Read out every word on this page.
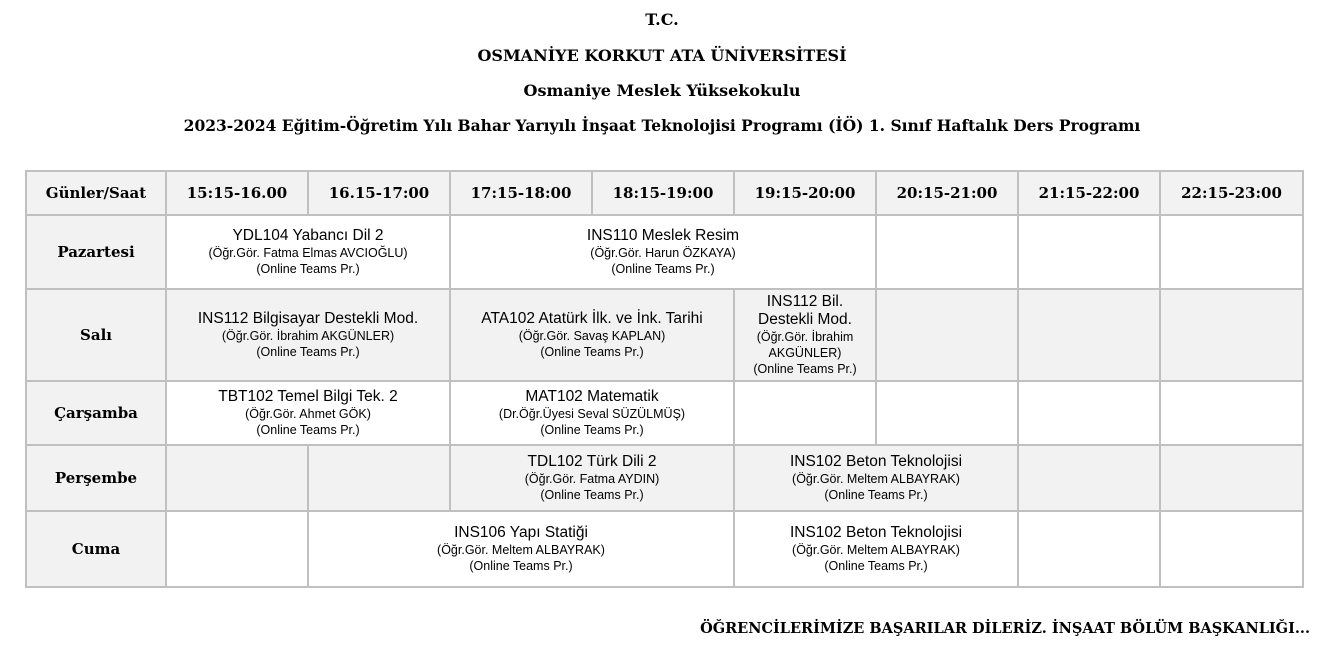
T.C.
OSMANİYE KORKUT ATA ÜNİVERSİTESİ
Osmaniye Meslek Yüksekokulu
2023-2024 Eğitim-Öğretim Yılı Bahar Yarıyılı İnşaat Teknolojisi Programı (İÖ) 1. Sınıf Haftalık Ders Programı
Günler/Saat	15:15-16.00	16.15-17:00	17:15-18:00	18:15-19:00	19:15-20:00	20:15-21:00	21:15-22:00	22:15-23:00
Pazartesi	YDL104 Yabancı Dil 2
(Öğr.Gör. Fatma Elmas AVCIOĞLU)
(Online Teams Pr.)		INS110 Meslek Resim
(Öğr.Gör. Harun ÖZKAYA)
(Online Teams Pr.)					

Salı	INS112 Bilgisayar Destekli Mod.
(Öğr.Gör. İbrahim AKGÜNLER)
(Online Teams Pr.)		ATA102 Atatürk İlk. ve İnk. Tarihi
(Öğr.Gör. Savaş KAPLAN)
(Online Teams Pr.)		INS112 Bil.
Destekli Mod.
(Öğr.Gör. İbrahim
AKGÜNLER)
(Online Teams Pr.)			

Çarşamba	TBT102 Temel Bilgi Tek. 2
(Öğr.Gör. Ahmet GÖK)
(Online Teams Pr.)		MAT102 Matematik
(Dr.Öğr.Üyesi Seval SÜZÜLMÜŞ)
(Online Teams Pr.)					

Perşembe			TDL102 Türk Dili 2
(Öğr.Gör. Fatma AYDIN)
(Online Teams Pr.)		INS102 Beton Teknolojisi
(Öğr.Gör. Meltem ALBAYRAK)
(Online Teams Pr.)			

Cuma		INS106 Yapı Statiği
(Öğr.Gör. Meltem ALBAYRAK)
(Online Teams Pr.)			INS102 Beton Teknolojisi
(Öğr.Gör. Meltem ALBAYRAK)
(Online Teams Pr.)			

ÖĞRENCİLERİMİZE BAŞARILAR DİLERİZ. İNŞAAT BÖLÜM BAŞKANLIĞI...
